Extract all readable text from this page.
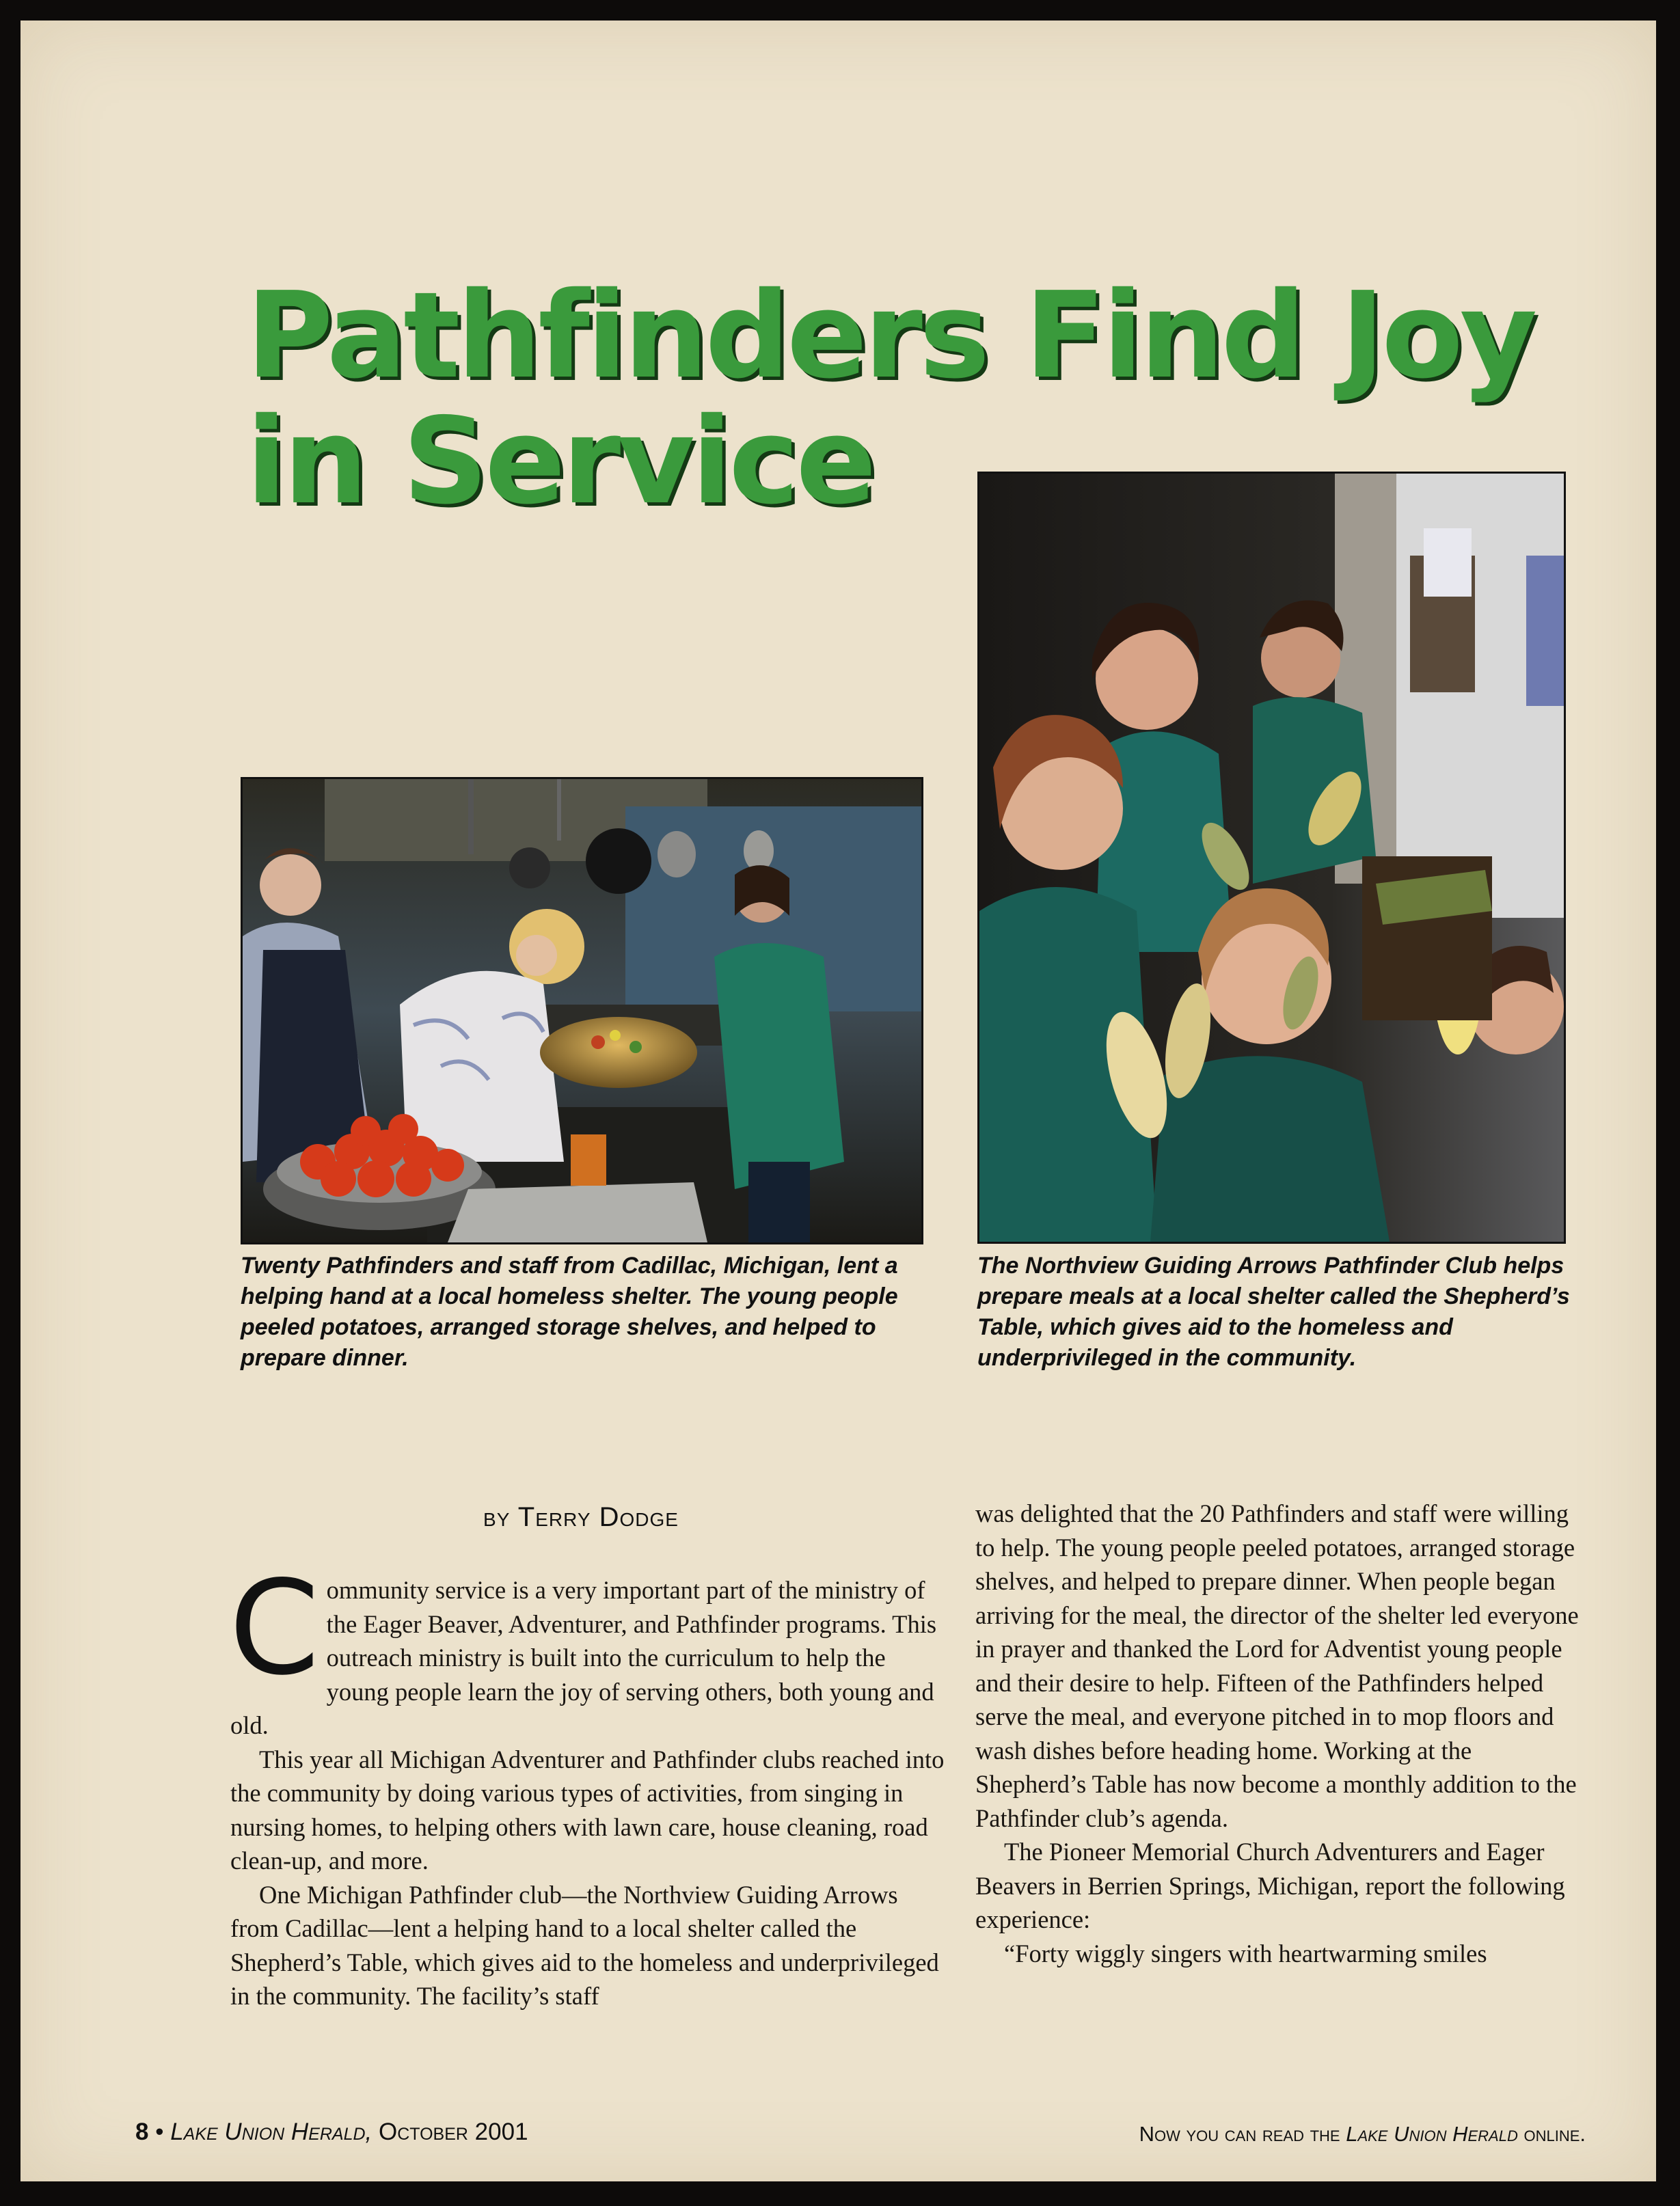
Pathfinders Find Joy
in Service

Twenty Pathfinders and staff from Cadillac, Michigan, lent a helping hand at a local homeless shelter. The young people peeled potatoes, arranged storage shelves, and helped to prepare dinner.

The Northview Guiding Arrows Pathfinder Club helps prepare meals at a local shelter called the Shepherd’s Table, which gives aid to the homeless and underprivileged in the community.

by Terry Dodge

Community service is a very important part of the ministry of the Eager Beaver, Adventurer, and Pathfinder programs. This outreach ministry is built into the curriculum to help the young people learn the joy of serving others, both young and old.

This year all Michigan Adventurer and Pathfinder clubs reached into the community by doing various types of activities, from singing in nursing homes, to helping others with lawn care, house cleaning, road clean-up, and more.

One Michigan Pathfinder club—the Northview Guiding Arrows from Cadillac—lent a helping hand to a local shelter called the Shepherd’s Table, which gives aid to the homeless and underprivileged in the community. The facility’s staff

was delighted that the 20 Pathfinders and staff were willing to help. The young people peeled potatoes, arranged storage shelves, and helped to prepare dinner. When people began arriving for the meal, the director of the shelter led everyone in prayer and thanked the Lord for Adventist young people and their desire to help. Fifteen of the Pathfinders helped serve the meal, and everyone pitched in to mop floors and wash dishes before heading home. Working at the Shepherd’s Table has now become a monthly addition to the Pathfinder club’s agenda.

The Pioneer Memorial Church Adventurers and Eager Beavers in Berrien Springs, Michigan, report the following experience:

“Forty wiggly singers with heartwarming smiles

8 • Lake Union Herald, October 2001	Now you can read the Lake Union Herald online.
